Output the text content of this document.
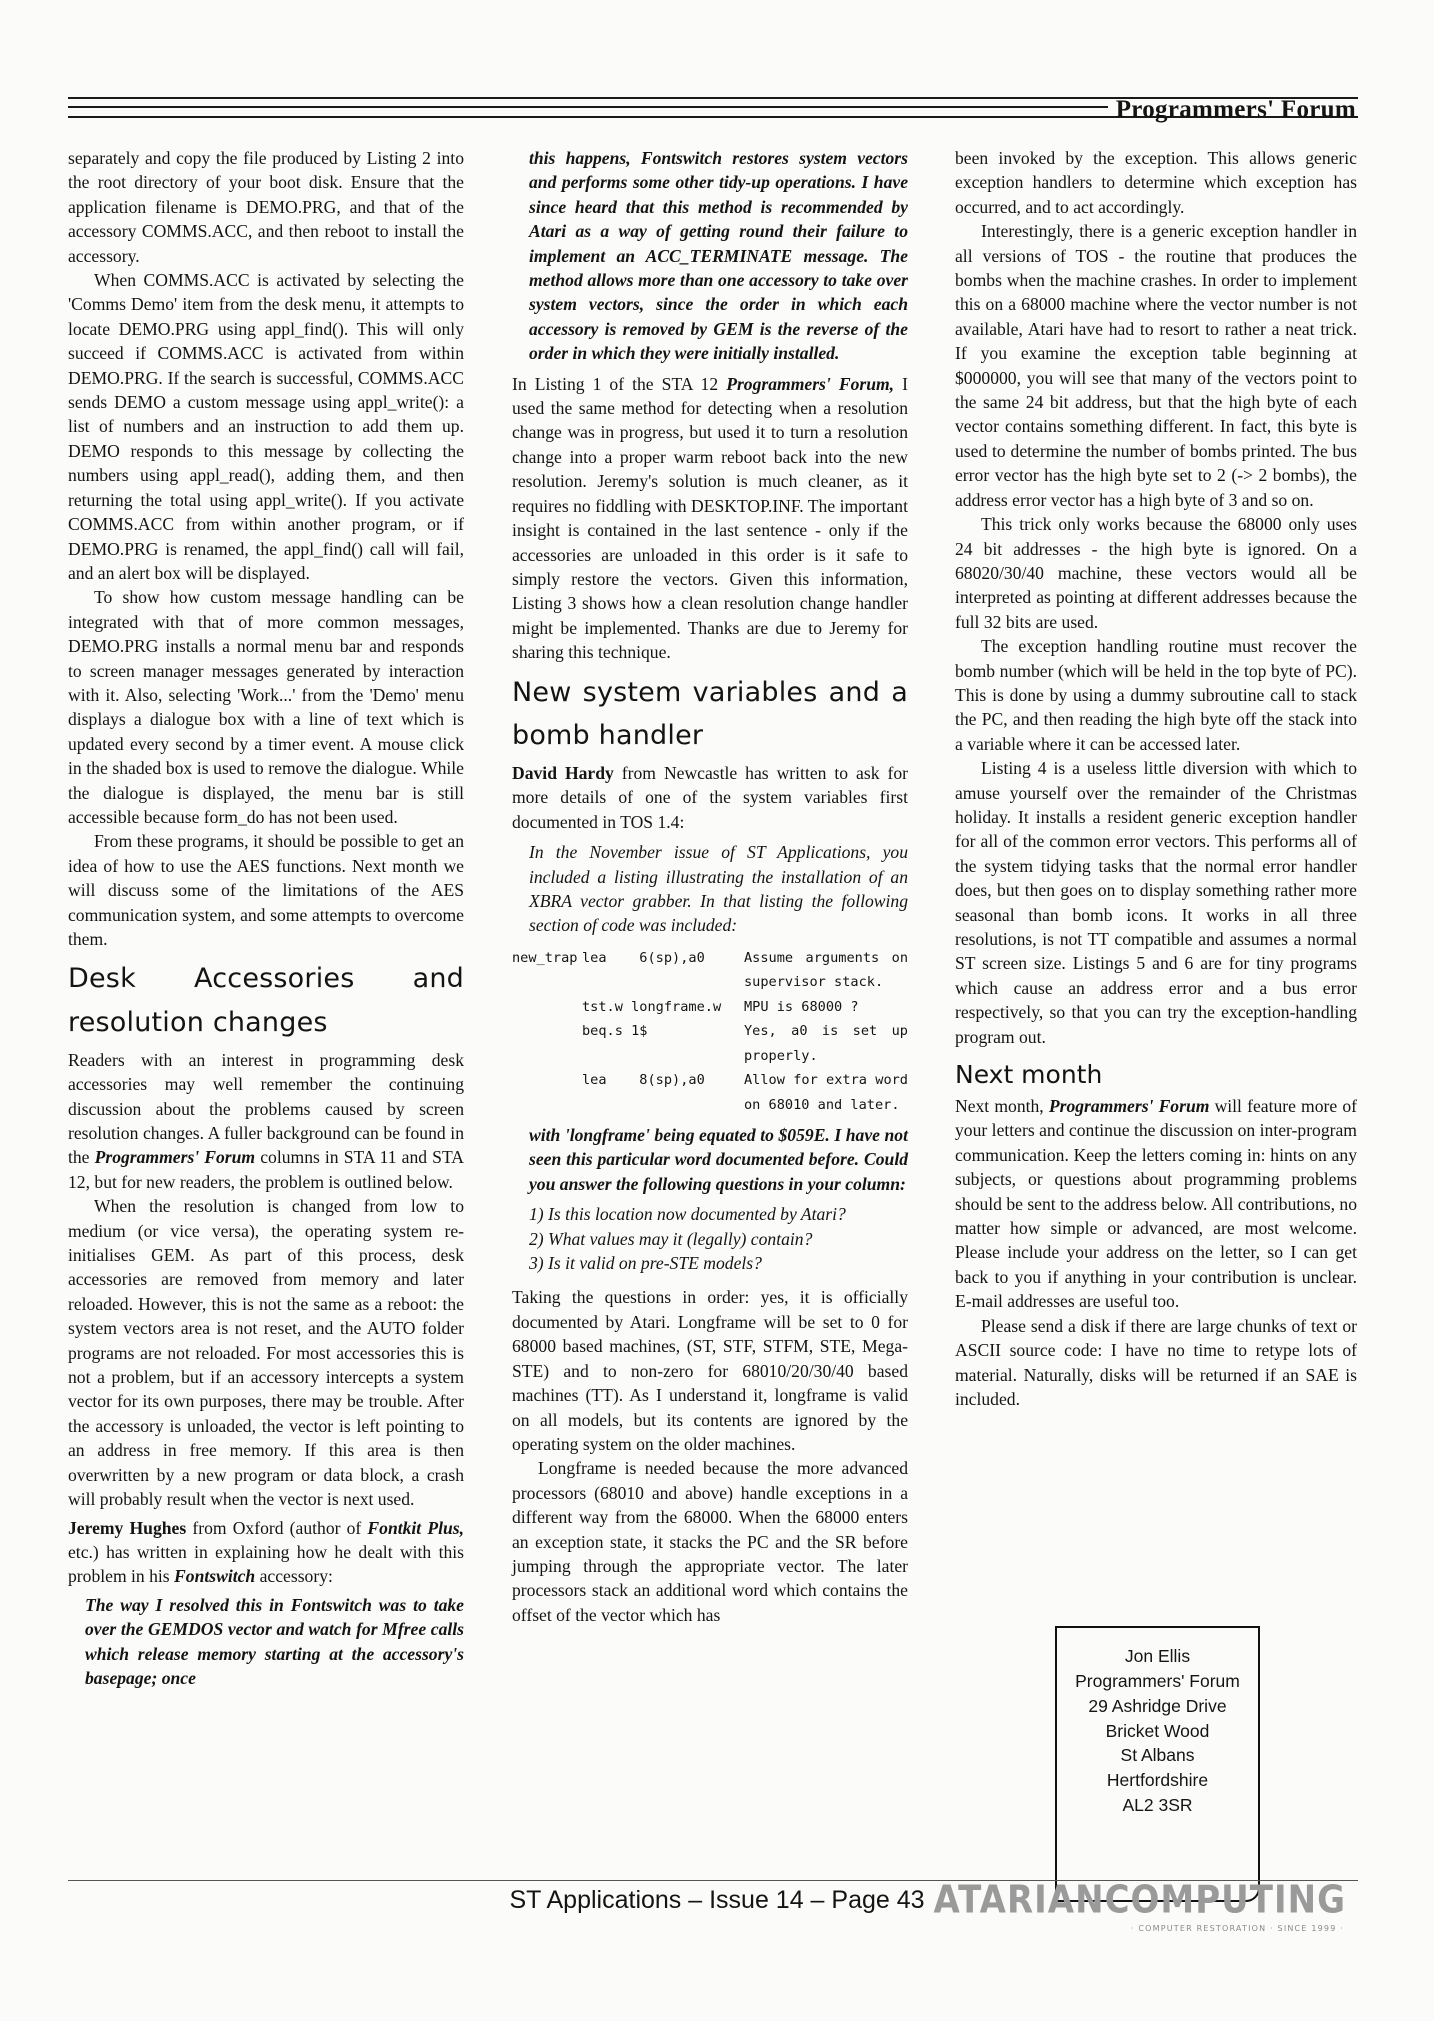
Programmers' Forum

separately and copy the file produced by Listing 2 into the root directory of your boot disk. Ensure that the application filename is DEMO.PRG, and that of the accessory COMMS.ACC, and then reboot to install the accessory.

When COMMS.ACC is activated by selecting the 'Comms Demo' item from the desk menu, it attempts to locate DEMO.PRG using appl_find(). This will only succeed if COMMS.ACC is activated from within DEMO.PRG. If the search is successful, COMMS.ACC sends DEMO a custom message using appl_write(): a list of numbers and an instruction to add them up. DEMO responds to this message by collecting the numbers using appl_read(), adding them, and then returning the total using appl_write(). If you activate COMMS.ACC from within another program, or if DEMO.PRG is renamed, the appl_find() call will fail, and an alert box will be displayed.

To show how custom message handling can be integrated with that of more common messages, DEMO.PRG installs a normal menu bar and responds to screen manager messages generated by interaction with it. Also, selecting 'Work...' from the 'Demo' menu displays a dialogue box with a line of text which is updated every second by a timer event. A mouse click in the shaded box is used to remove the dialogue. While the dialogue is displayed, the menu bar is still accessible because form_do has not been used.

From these programs, it should be possible to get an idea of how to use the AES functions. Next month we will discuss some of the limitations of the AES communication system, and some attempts to overcome them.

Desk Accessories and resolution changes

Readers with an interest in programming desk accessories may well remember the continuing discussion about the problems caused by screen resolution changes. A fuller background can be found in the Programmers' Forum columns in STA 11 and STA 12, but for new readers, the problem is outlined below.

When the resolution is changed from low to medium (or vice versa), the operating system re-initialises GEM. As part of this process, desk accessories are removed from memory and later reloaded. However, this is not the same as a reboot: the system vectors area is not reset, and the AUTO folder programs are not reloaded. For most accessories this is not a problem, but if an accessory intercepts a system vector for its own purposes, there may be trouble. After the accessory is unloaded, the vector is left pointing to an address in free memory. If this area is then overwritten by a new program or data block, a crash will probably result when the vector is next used.

Jeremy Hughes from Oxford (author of Fontkit Plus, etc.) has written in explaining how he dealt with this problem in his Fontswitch accessory:

The way I resolved this in Fontswitch was to take over the GEMDOS vector and watch for Mfree calls which release memory starting at the accessory's basepage; once

this happens, Fontswitch restores system vectors and performs some other tidy-up operations. I have since heard that this method is recommended by Atari as a way of getting round their failure to implement an ACC_TERMINATE message. The method allows more than one accessory to take over system vectors, since the order in which each accessory is removed by GEM is the reverse of the order in which they were initially installed.

In Listing 1 of the STA 12 Programmers' Forum, I used the same method for detecting when a resolution change was in progress, but used it to turn a resolution change into a proper warm reboot back into the new resolution. Jeremy's solution is much cleaner, as it requires no fiddling with DESKTOP.INF. The important insight is contained in the last sentence - only if the accessories are unloaded in this order is it safe to simply restore the vectors. Given this information, Listing 3 shows how a clean resolution change handler might be implemented. Thanks are due to Jeremy for sharing this technique.

New system variables and a bomb handler

David Hardy from Newcastle has written to ask for more details of one of the system variables first documented in TOS 1.4:

In the November issue of ST Applications, you included a listing illustrating the installation of an XBRA vector grabber. In that listing the following section of code was included:

new_trap lea    6(sp),a0	Assume arguments on supervisor stack.
tst.w longframe.w	MPU is 68000 ?
beq.s 1$	Yes, a0 is set up properly.
lea    8(sp),a0	Allow for extra word on 68010 and later.

with 'longframe' being equated to $059E. I have not seen this particular word documented before. Could you answer the following questions in your column:

1) Is this location now documented by Atari?

2) What values may it (legally) contain?

3) Is it valid on pre-STE models?

Taking the questions in order: yes, it is officially documented by Atari. Longframe will be set to 0 for 68000 based machines, (ST, STF, STFM, STE, Mega-STE) and to non-zero for 68010/20/30/40 based machines (TT). As I understand it, longframe is valid on all models, but its contents are ignored by the operating system on the older machines.

Longframe is needed because the more advanced processors (68010 and above) handle exceptions in a different way from the 68000. When the 68000 enters an exception state, it stacks the PC and the SR before jumping through the appropriate vector. The later processors stack an additional word which contains the offset of the vector which has

been invoked by the exception. This allows generic exception handlers to determine which exception has occurred, and to act accordingly.

Interestingly, there is a generic exception handler in all versions of TOS - the routine that produces the bombs when the machine crashes. In order to implement this on a 68000 machine where the vector number is not available, Atari have had to resort to rather a neat trick. If you examine the exception table beginning at $000000, you will see that many of the vectors point to the same 24 bit address, but that the high byte of each vector contains something different. In fact, this byte is used to determine the number of bombs printed. The bus error vector has the high byte set to 2 (-> 2 bombs), the address error vector has a high byte of 3 and so on.

This trick only works because the 68000 only uses 24 bit addresses - the high byte is ignored. On a 68020/30/40 machine, these vectors would all be interpreted as pointing at different addresses because the full 32 bits are used.

The exception handling routine must recover the bomb number (which will be held in the top byte of PC). This is done by using a dummy subroutine call to stack the PC, and then reading the high byte off the stack into a variable where it can be accessed later.

Listing 4 is a useless little diversion with which to amuse yourself over the remainder of the Christmas holiday. It installs a resident generic exception handler for all of the common error vectors. This performs all of the system tidying tasks that the normal error handler does, but then goes on to display something rather more seasonal than bomb icons. It works in all three resolutions, is not TT compatible and assumes a normal ST screen size. Listings 5 and 6 are for tiny programs which cause an address error and a bus error respectively, so that you can try the exception-handling program out.

Next month

Next month, Programmers' Forum will feature more of your letters and continue the discussion on inter-program communication. Keep the letters coming in: hints on any subjects, or questions about programming problems should be sent to the address below. All contributions, no matter how simple or advanced, are most welcome. Please include your address on the letter, so I can get back to you if anything in your contribution is unclear. E-mail addresses are useful too.

Please send a disk if there are large chunks of text or ASCII source code: I have no time to retype lots of material. Naturally, disks will be returned if an SAE is included.

Jon Ellis
Programmers' Forum
29 Ashridge Drive
Bricket Wood
St Albans
Hertfordshire
AL2 3SR
ST Applications – Issue 14 – Page 43 ATARIANCOMPUTING
· COMPUTER RESTORATION · SINCE 1999 ·
